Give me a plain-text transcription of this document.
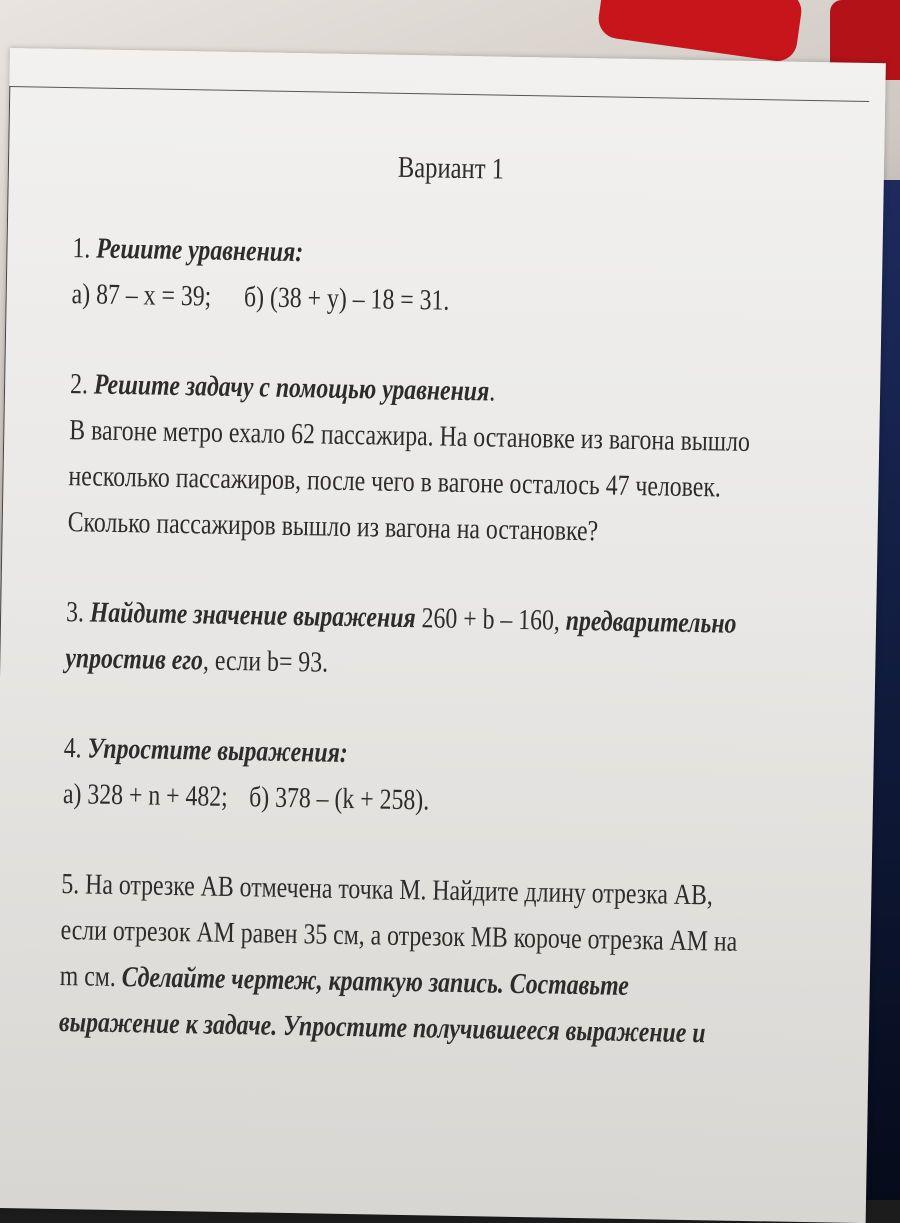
Вариант 1
1. Решите уравнения:
а) 87 – х = 39; б) (38 + у) – 18 = 31.
2. Решите задачу с помощью уравнения.
В вагоне метро ехало 62 пассажира. На остановке из вагона вышло
несколько пассажиров, после чего в вагоне осталось 47 человек.
Сколько пассажиров вышло из вагона на остановке?
3. Найдите значение выражения 260 + b – 160, предварительно
упростив его, если b= 93.
4. Упростите выражения:
а) 328 + n + 482; б) 378 – (k + 258).
5. На отрезке АВ отмечена точка М. Найдите длину отрезка АВ,
если отрезок АМ равен 35 см, а отрезок МВ короче отрезка АМ на
m см. Сделайте чертеж, краткую запись. Составьте
выражение к задаче. Упростите получившееся выражение и
